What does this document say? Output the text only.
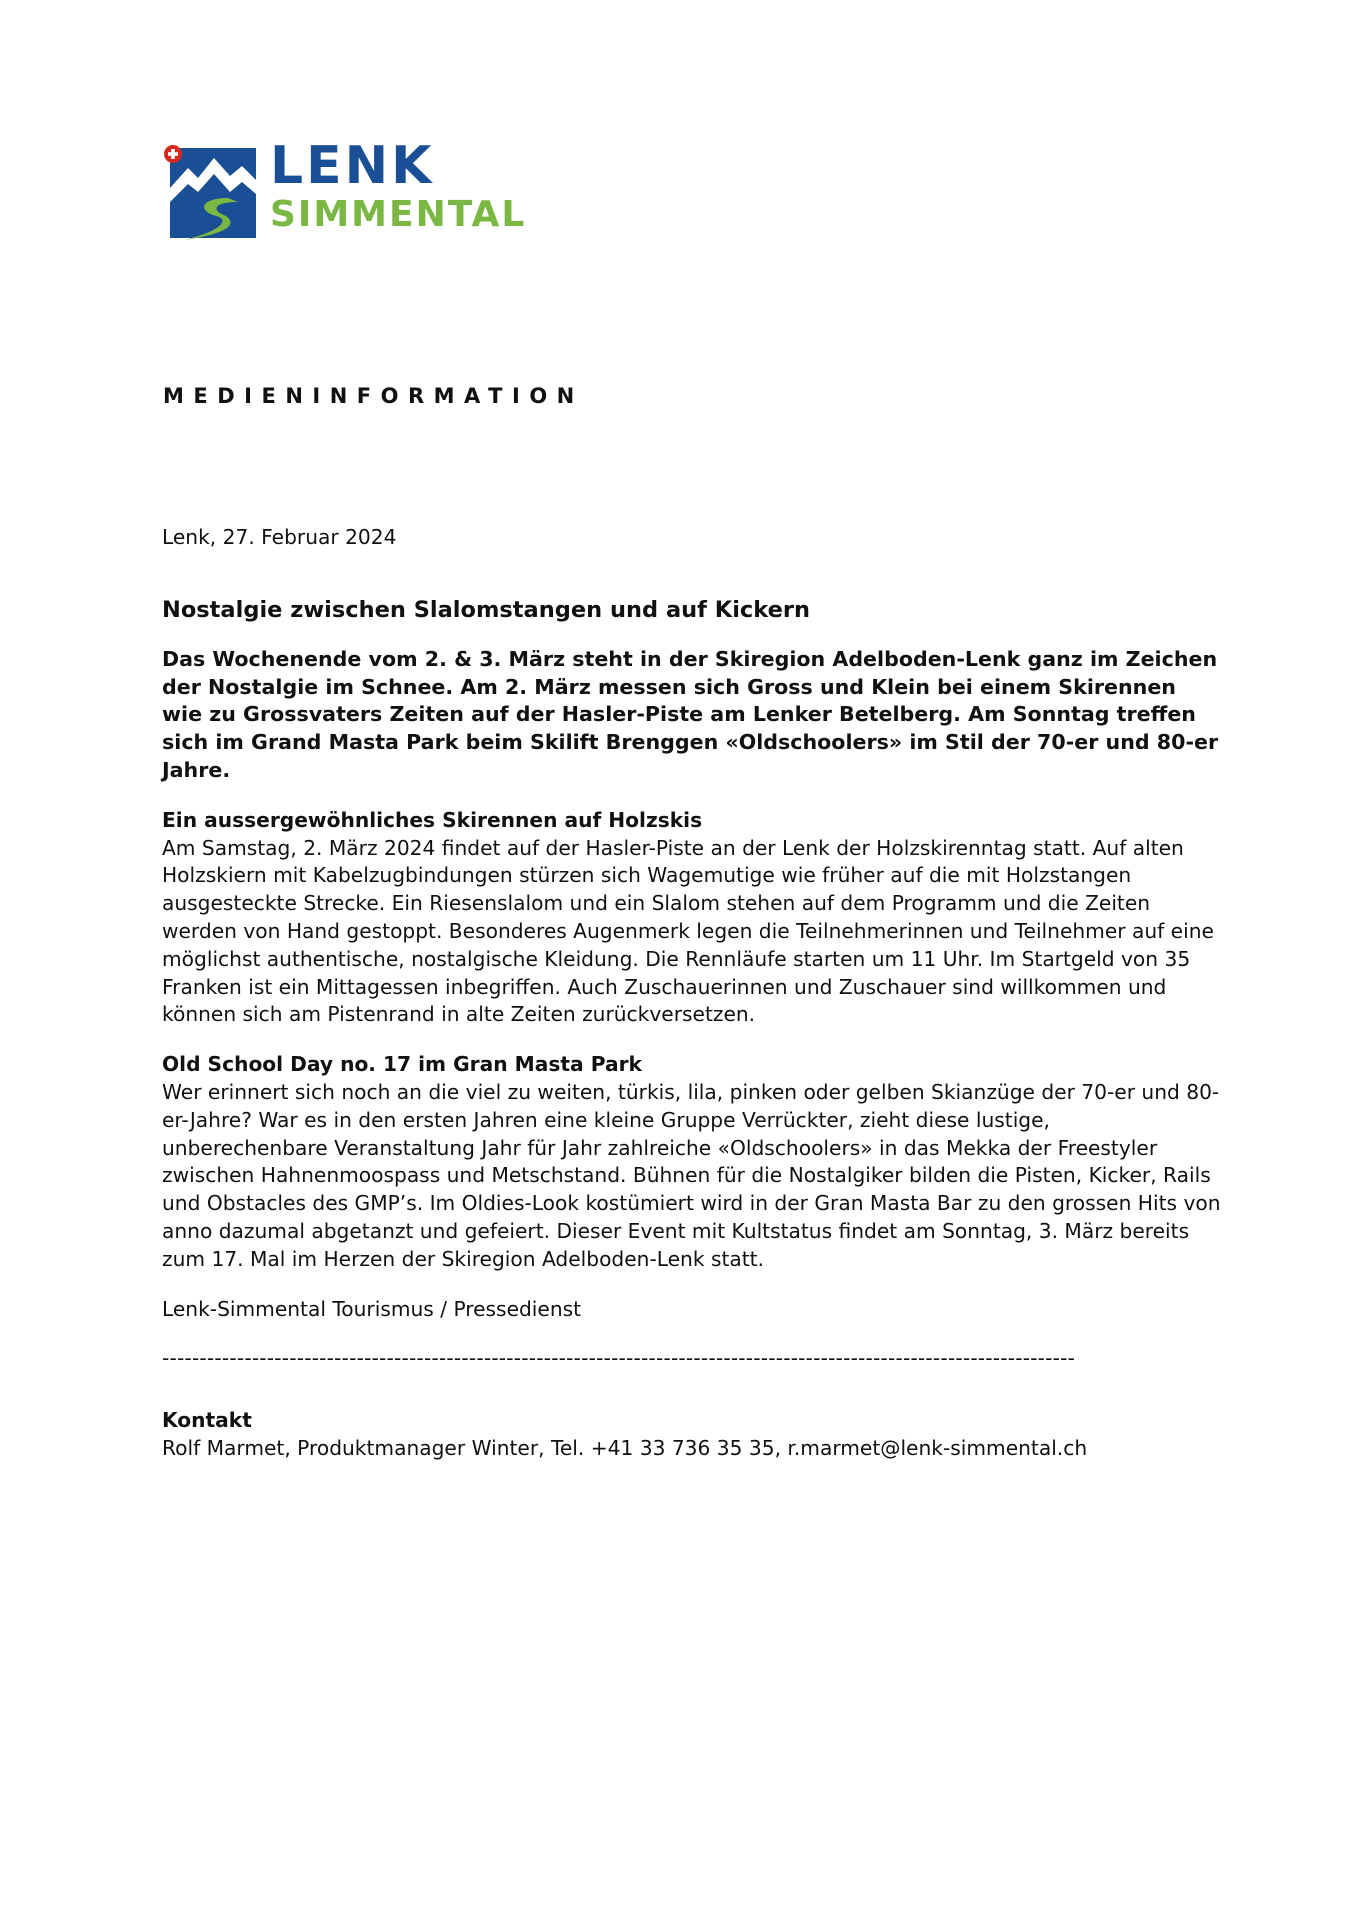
LENK
SIMMENTAL
MEDIENINFORMATION

Lenk, 27. Februar 2024

Nostalgie zwischen Slalomstangen und auf Kickern

Das Wochenende vom 2. & 3. März steht in der Skiregion Adelboden-Lenk ganz im Zeichen der Nostalgie im Schnee. Am 2. März messen sich Gross und Klein bei einem Skirennen wie zu Grossvaters Zeiten auf der Hasler-Piste am Lenker Betelberg. Am Sonntag treffen sich im Grand Masta Park beim Skilift Brenggen «Oldschoolers» im Stil der 70-er und 80-er Jahre.

Ein aussergewöhnliches Skirennen auf Holzskis

Am Samstag, 2. März 2024 findet auf der Hasler-Piste an der Lenk der Holzskirenntag statt. Auf alten Holzskiern mit Kabelzugbindungen stürzen sich Wagemutige wie früher auf die mit Holzstangen ausgesteckte Strecke. Ein Riesenslalom und ein Slalom stehen auf dem Programm und die Zeiten werden von Hand gestoppt. Besonderes Augenmerk legen die Teilnehmerinnen und Teilnehmer auf eine möglichst authentische, nostalgische Kleidung. Die Rennläufe starten um 11 Uhr. Im Startgeld von 35 Franken ist ein Mittagessen inbegriffen. Auch Zuschauerinnen und Zuschauer sind willkommen und können sich am Pistenrand in alte Zeiten zurückversetzen.

Old School Day no. 17 im Gran Masta Park

Wer erinnert sich noch an die viel zu weiten, türkis, lila, pinken oder gelben Skianzüge der 70-er und 80-er-Jahre? War es in den ersten Jahren eine kleine Gruppe Verrückter, zieht diese lustige, unberechenbare Veranstaltung Jahr für Jahr zahlreiche «Oldschoolers» in das Mekka der Freestyler zwischen Hahnenmoospass und Metschstand. Bühnen für die Nostalgiker bilden die Pisten, Kicker, Rails und Obstacles des GMP’s. Im Oldies-Look kostümiert wird in der Gran Masta Bar zu den grossen Hits von anno dazumal abgetanzt und gefeiert. Dieser Event mit Kultstatus findet am Sonntag, 3. März bereits zum 17. Mal im Herzen der Skiregion Adelboden-Lenk statt.

Lenk-Simmental Tourismus / Pressedienst

--------------------------------------------------------------------------------------------------------------------------

Kontakt

Rolf Marmet, Produktmanager Winter, Tel. +41 33 736 35 35, r.marmet@lenk-simmental.ch
